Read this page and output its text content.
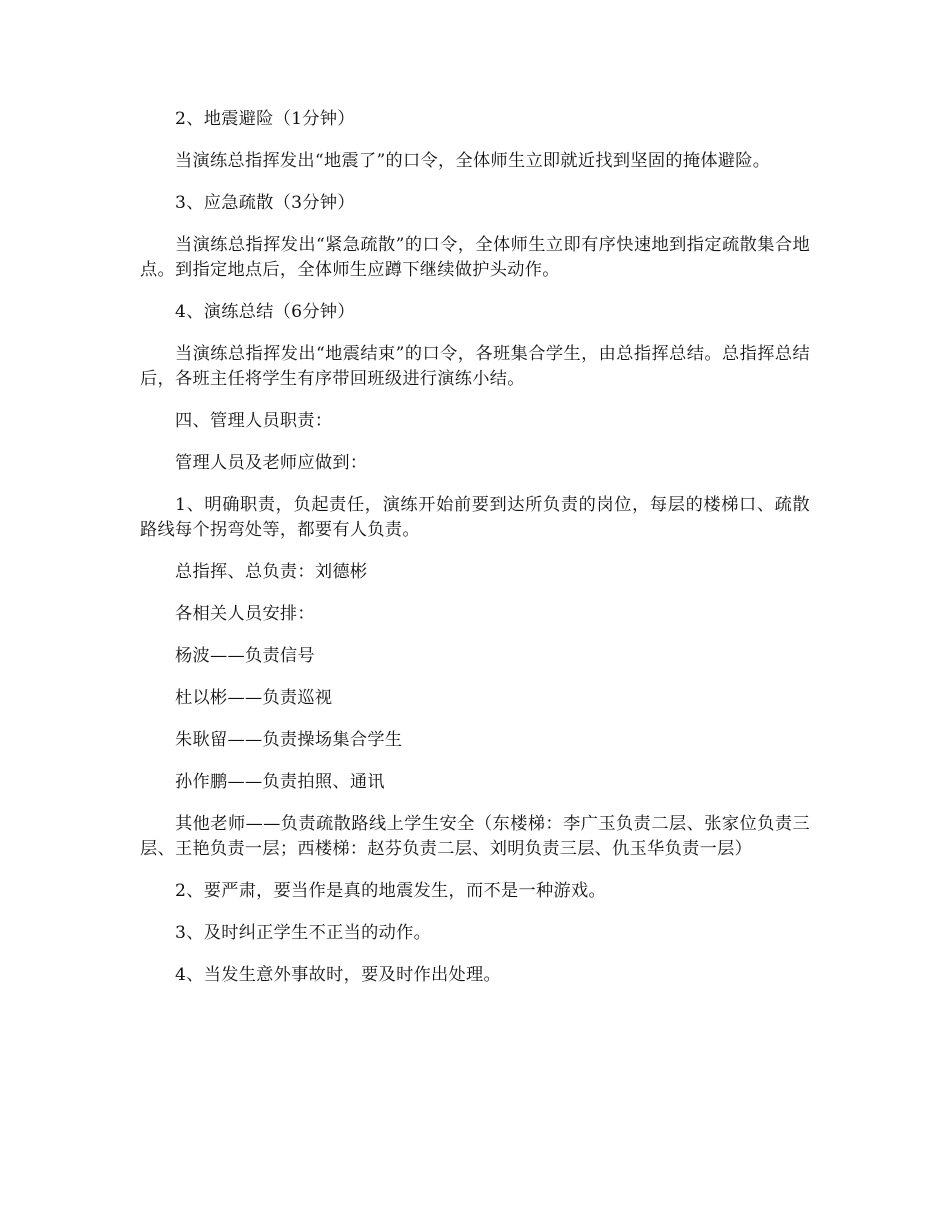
2、地震避险（1分钟）

当演练总指挥发出“地震了”的口令，全体师生立即就近找到坚固的掩体避险。

3、应急疏散（3分钟）

当演练总指挥发出“紧急疏散”的口令，全体师生立即有序快速地到指定疏散集合地点。到指定地点后，全体师生应蹲下继续做护头动作。

4、演练总结（6分钟）

当演练总指挥发出“地震结束”的口令，各班集合学生，由总指挥总结。总指挥总结后，各班主任将学生有序带回班级进行演练小结。

四、管理人员职责：

管理人员及老师应做到：

1、明确职责，负起责任，演练开始前要到达所负责的岗位，每层的楼梯口、疏散路线每个拐弯处等，都要有人负责。

总指挥、总负责：刘德彬

各相关人员安排：

杨波——负责信号

杜以彬——负责巡视

朱耿留——负责操场集合学生

孙作鹏——负责拍照、通讯

其他老师——负责疏散路线上学生安全（东楼梯：李广玉负责二层、张家位负责三层、王艳负责一层；西楼梯：赵芬负责二层、刘明负责三层、仇玉华负责一层）

2、要严肃，要当作是真的地震发生，而不是一种游戏。

3、及时纠正学生不正当的动作。

4、当发生意外事故时，要及时作出处理。
